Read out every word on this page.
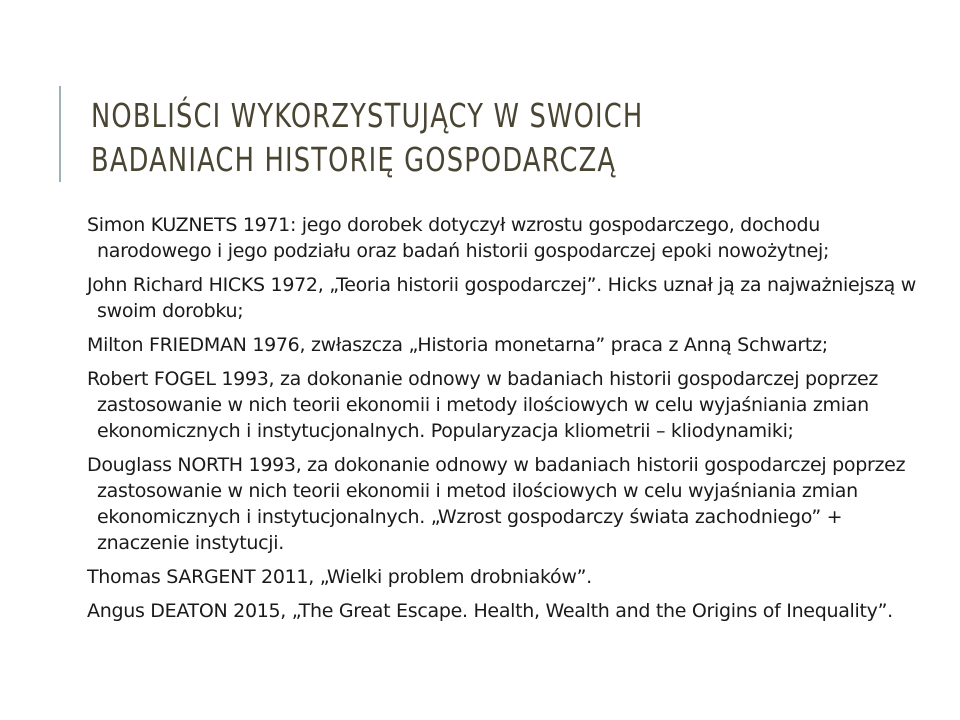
NOBLIŚCI WYKORZYSTUJĄCY W SWOICH
BADANIACH HISTORIĘ GOSPODARCZĄ
Simon KUZNETS 1971: jego dorobek dotyczył wzrostu gospodarczego, dochodu narodowego i jego podziału oraz badań historii gospodarczej epoki nowożytnej;
John Richard HICKS 1972, „Teoria historii gospodarczej”. Hicks uznał ją za najważniejszą w swoim dorobku;
Milton FRIEDMAN 1976, zwłaszcza „Historia monetarna” praca z Anną Schwartz;
Robert FOGEL 1993, za dokonanie odnowy w badaniach historii gospodarczej poprzez zastosowanie w nich teorii ekonomii i metody ilościowych w celu wyjaśniania zmian ekonomicznych i instytucjonalnych. Popularyzacja kliometrii – kliodynamiki;
Douglass NORTH 1993, za dokonanie odnowy w badaniach historii gospodarczej poprzez zastosowanie w nich teorii ekonomii i metod ilościowych w celu wyjaśniania zmian ekonomicznych i instytucjonalnych. „Wzrost gospodarczy świata zachodniego” + znaczenie instytucji.
Thomas SARGENT 2011, „Wielki problem drobniaków”.
Angus DEATON 2015, „The Great Escape. Health, Wealth and the Origins of Inequality”.
